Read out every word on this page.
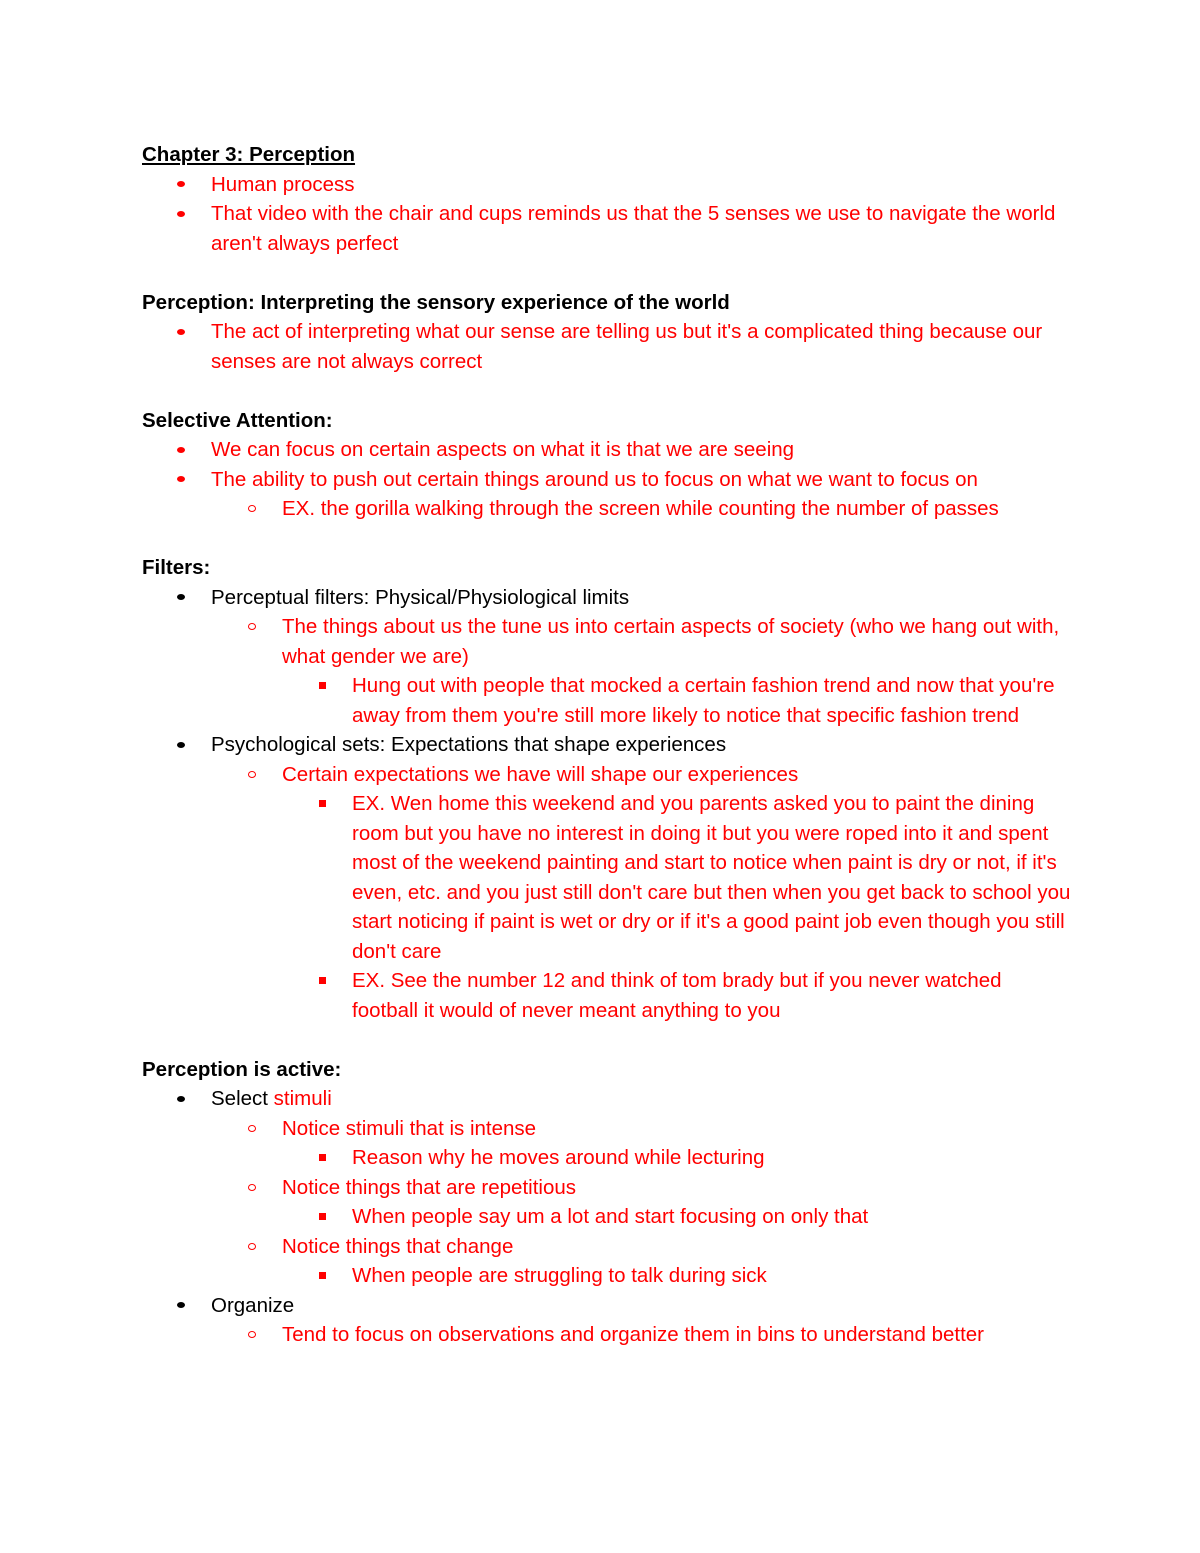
Chapter 3: Perception
Human process
That video with the chair and cups reminds us that the 5 senses we use to navigate the world aren't always perfect
Perception: Interpreting the sensory experience of the world
The act of interpreting what our sense are telling us but it's a complicated thing because our senses are not always correct
Selective Attention:
We can focus on certain aspects on what it is that we are seeing
The ability to push out certain things around us to focus on what we want to focus on
EX. the gorilla walking through the screen while counting the number of passes
Filters:
Perceptual filters: Physical/Physiological limits
The things about us the tune us into certain aspects of society (who we hang out with, what gender we are)
Hung out with people that mocked a certain fashion trend and now that you're away from them you're still more likely to notice that specific fashion trend
Psychological sets: Expectations that shape experiences
Certain expectations we have will shape our experiences
EX. Wen home this weekend and you parents asked you to paint the dining room but you have no interest in doing it but you were roped into it and spent most of the weekend painting and start to notice when paint is dry or not, if it's even, etc. and you just still don't care but then when you get back to school you start noticing if paint is wet or dry or if it's a good paint job even though you still don't care
EX. See the number 12 and think of tom brady but if you never watched football it would of never meant anything to you
Perception is active:
Select stimuli
Notice stimuli that is intense
Reason why he moves around while lecturing
Notice things that are repetitious
When people say um a lot and start focusing on only that
Notice things that change
When people are struggling to talk during sick
Organize
Tend to focus on observations and organize them in bins to understand better
